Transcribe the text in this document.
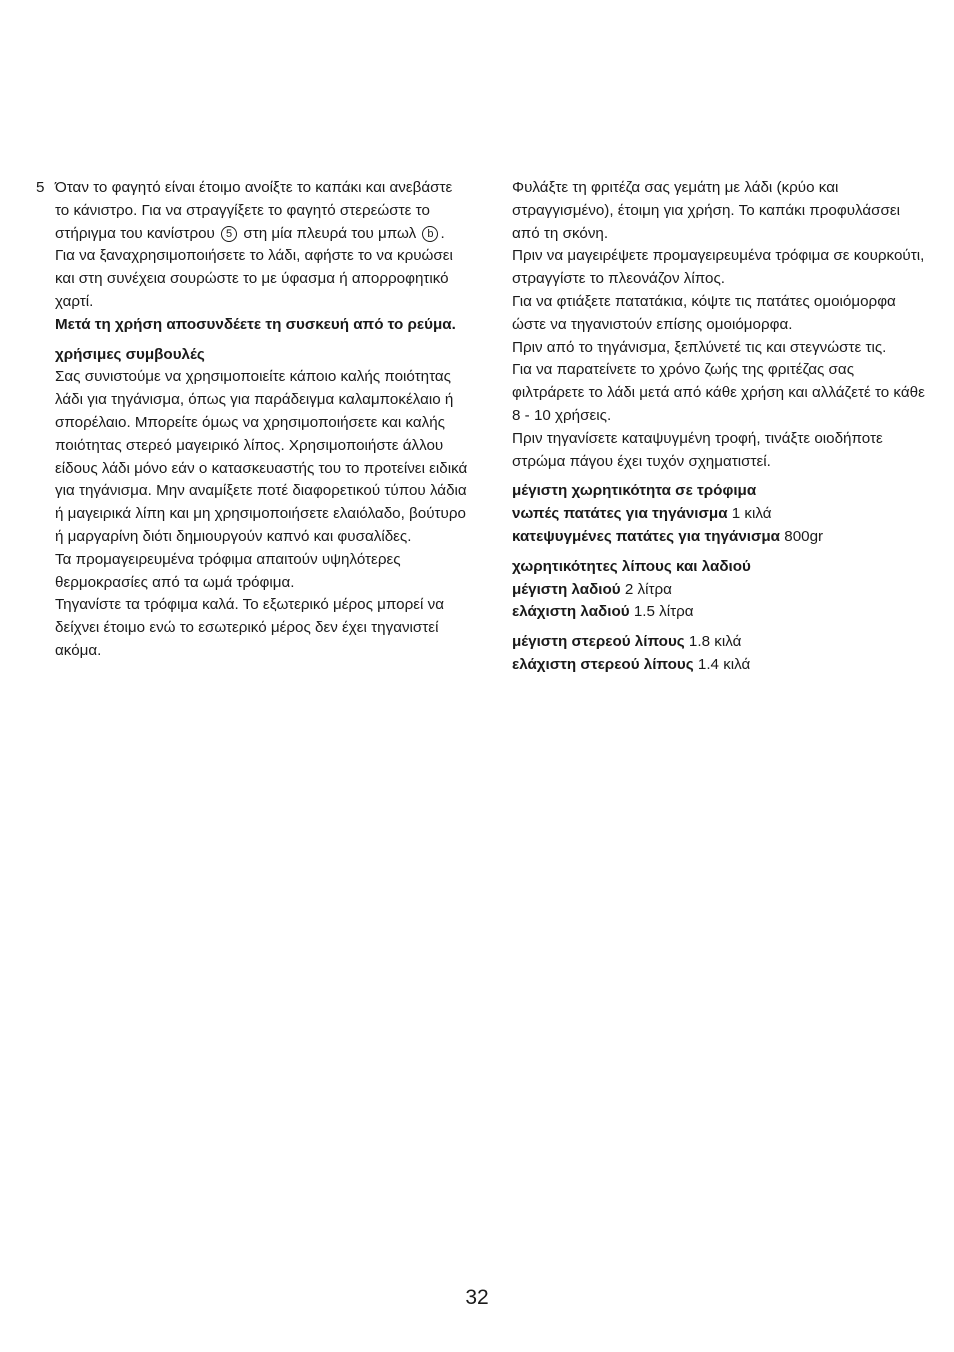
5 Όταν το φαγητό είναι έτοιμο ανοίξτε το καπάκι και ανεβάστε το κάνιστρο. Για να στραγγίξετε το φαγητό στερεώστε το στήριγμα του κανίστρου 5 στη μία πλευρά του μπωλ b .

Για να ξαναχρησιμοποιήσετε το λάδι, αφήστε το να κρυώσει και στη συνέχεια σουρώστε το με ύφασμα ή απορροφητικό χαρτί.

Μετά τη χρήση αποσυνδέετε τη συσκευή από το ρεύμα.

χρήσιμες συμβουλές

Σας συνιστούμε να χρησιμοποιείτε κάποιο καλής ποιότητας λάδι για τηγάνισμα, όπως για παράδειγμα καλαμποκέλαιο ή σπορέλαιο. Μπορείτε όμως να χρησιμοποιήσετε και καλής ποιότητας στερεό μαγειρικό λίπος. Χρησιμοποιήστε άλλου είδους λάδι μόνο εάν ο κατασκευαστής του το προτείνει ειδικά για τηγάνισμα. Μην αναμίξετε ποτέ διαφορετικού τύπου λάδια ή μαγειρικά λίπη και μη χρησιμοποιήσετε ελαιόλαδο, βούτυρο ή μαργαρίνη διότι δημιουργούν καπνό και φυσαλίδες.

Τα προμαγειρευμένα τρόφιμα απαιτούν υψηλότερες θερμοκρασίες από τα ωμά τρόφιμα.

Τηγανίστε τα τρόφιμα καλά. Το εξωτερικό μέρος μπορεί να δείχνει έτοιμο ενώ το εσωτερικό μέρος δεν έχει τηγανιστεί ακόμα.

Φυλάξτε τη φριτέζα σας γεμάτη με λάδι (κρύο και στραγγισμένο), έτοιμη για χρήση. Το καπάκι προφυλάσσει από τη σκόνη.

Πριν να μαγειρέψετε προμαγειρευμένα τρόφιμα σε κουρκούτι, στραγγίστε το πλεονάζον λίπος.

Για να φτιάξετε πατατάκια, κόψτε τις πατάτες ομοιόμορφα ώστε να τηγανιστούν επίσης ομοιόμορφα.

Πριν από το τηγάνισμα, ξεπλύνετέ τις και στεγνώστε τις.

Για να παρατείνετε το χρόνο ζωής της φριτέζας σας φιλτράρετε το λάδι μετά από κάθε χρήση και αλλάζετέ το κάθε 8 - 10 χρήσεις.

Πριν τηγανίσετε καταψυγμένη τροφή, τινάξτε οιοδήποτε στρώμα πάγου έχει τυχόν σχηματιστεί.

μέγιστη χωρητικότητα σε τρόφιμα

νωπές πατάτες για τηγάνισμα 1 κιλά

κατεψυγμένες πατάτες για τηγάνισμα 800gr

χωρητικότητες λίπους και λαδιού

μέγιστη λαδιού 2 λίτρα

ελάχιστη λαδιού 1.5 λίτρα

μέγιστη στερεού λίπους 1.8 κιλά

ελάχιστη στερεού λίπους 1.4 κιλά

32
